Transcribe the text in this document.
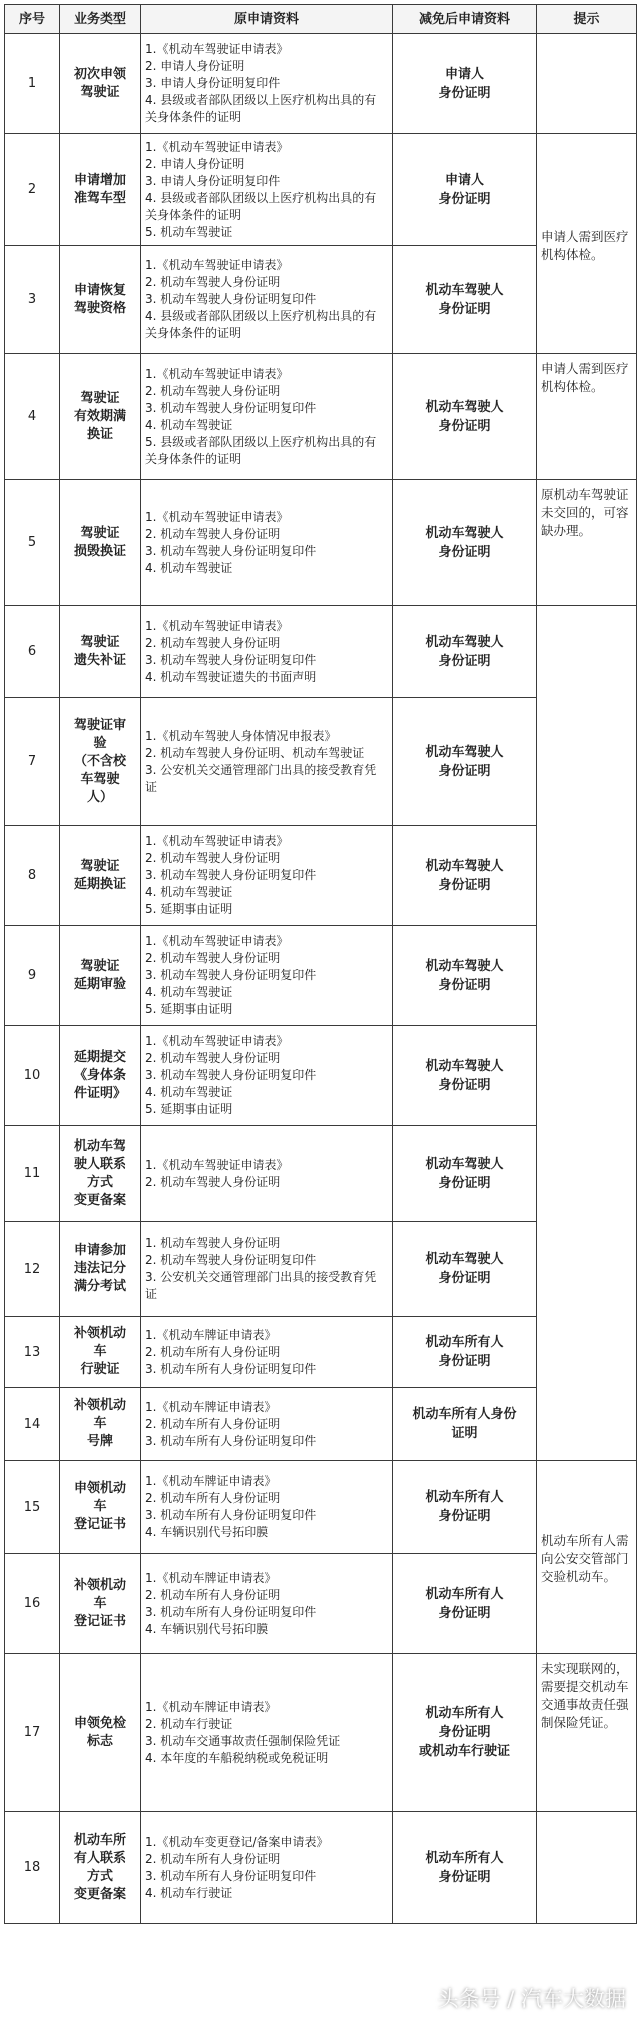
序号	业务类型	原申请资料	减免后申请资料	提示
1	初次申领
驾驶证	1.《机动车驾驶证申请表》
2. 申请人身份证明
3. 申请人身份证明复印件
4. 县级或者部队团级以上医疗机构出具的有关身体条件的证明	申请人
身份证明	
2	申请增加
准驾车型	1.《机动车驾驶证申请表》
2. 申请人身份证明
3. 申请人身份证明复印件
4. 县级或者部队团级以上医疗机构出具的有关身体条件的证明
5. 机动车驾驶证	申请人
身份证明	申请人需到医疗机构体检。
3	申请恢复
驾驶资格	1.《机动车驾驶证申请表》
2. 机动车驾驶人身份证明
3. 机动车驾驶人身份证明复印件
4. 县级或者部队团级以上医疗机构出具的有关身体条件的证明	机动车驾驶人
身份证明	
4	驾驶证
有效期满
换证	1.《机动车驾驶证申请表》
2. 机动车驾驶人身份证明
3. 机动车驾驶人身份证明复印件
4. 机动车驾驶证
5. 县级或者部队团级以上医疗机构出具的有关身体条件的证明	机动车驾驶人
身份证明	申请人需到医疗机构体检。
5	驾驶证
损毁换证	1.《机动车驾驶证申请表》
2. 机动车驾驶人身份证明
3. 机动车驾驶人身份证明复印件
4. 机动车驾驶证	机动车驾驶人
身份证明	原机动车驾驶证未交回的，可容缺办理。
6	驾驶证
遗失补证	1.《机动车驾驶证申请表》
2. 机动车驾驶人身份证明
3. 机动车驾驶人身份证明复印件
4. 机动车驾驶证遗失的书面声明	机动车驾驶人
身份证明	
7	驾驶证审
验
（不含校
车驾驶
人）	1.《机动车驾驶人身体情况申报表》
2. 机动车驾驶人身份证明、机动车驾驶证
3. 公安机关交通管理部门出具的接受教育凭证	机动车驾驶人
身份证明	
8	驾驶证
延期换证	1.《机动车驾驶证申请表》
2. 机动车驾驶人身份证明
3. 机动车驾驶人身份证明复印件
4. 机动车驾驶证
5. 延期事由证明	机动车驾驶人
身份证明	
9	驾驶证
延期审验	1.《机动车驾驶证申请表》
2. 机动车驾驶人身份证明
3. 机动车驾驶人身份证明复印件
4. 机动车驾驶证
5. 延期事由证明	机动车驾驶人
身份证明	
10	延期提交
《身体条
件证明》	1.《机动车驾驶证申请表》
2. 机动车驾驶人身份证明
3. 机动车驾驶人身份证明复印件
4. 机动车驾驶证
5. 延期事由证明	机动车驾驶人
身份证明	
11	机动车驾
驶人联系
方式
变更备案	1.《机动车驾驶证申请表》
2. 机动车驾驶人身份证明	机动车驾驶人
身份证明	
12	申请参加
违法记分
满分考试	1. 机动车驾驶人身份证明
2. 机动车驾驶人身份证明复印件
3. 公安机关交通管理部门出具的接受教育凭证	机动车驾驶人
身份证明	
13	补领机动
车
行驶证	1.《机动车牌证申请表》
2. 机动车所有人身份证明
3. 机动车所有人身份证明复印件	机动车所有人
身份证明	
14	补领机动
车
号牌	1.《机动车牌证申请表》
2. 机动车所有人身份证明
3. 机动车所有人身份证明复印件	机动车所有人身份
证明	
15	申领机动
车
登记证书	1.《机动车牌证申请表》
2. 机动车所有人身份证明
3. 机动车所有人身份证明复印件
4. 车辆识别代号拓印膜	机动车所有人
身份证明	机动车所有人需向公安交管部门交验机动车。
16	补领机动
车
登记证书	1.《机动车牌证申请表》
2. 机动车所有人身份证明
3. 机动车所有人身份证明复印件
4. 车辆识别代号拓印膜	机动车所有人
身份证明	
17	申领免检
标志	1.《机动车牌证申请表》
2. 机动车行驶证
3. 机动车交通事故责任强制保险凭证
4. 本年度的车船税纳税或免税证明	机动车所有人
身份证明
或机动车行驶证	未实现联网的，需要提交机动车交通事故责任强制保险凭证。
18	机动车所
有人联系
方式
变更备案	1.《机动车变更登记/备案申请表》
2. 机动车所有人身份证明
3. 机动车所有人身份证明复印件
4. 机动车行驶证	机动车所有人
身份证明	
头条号 / 汽车大数据
